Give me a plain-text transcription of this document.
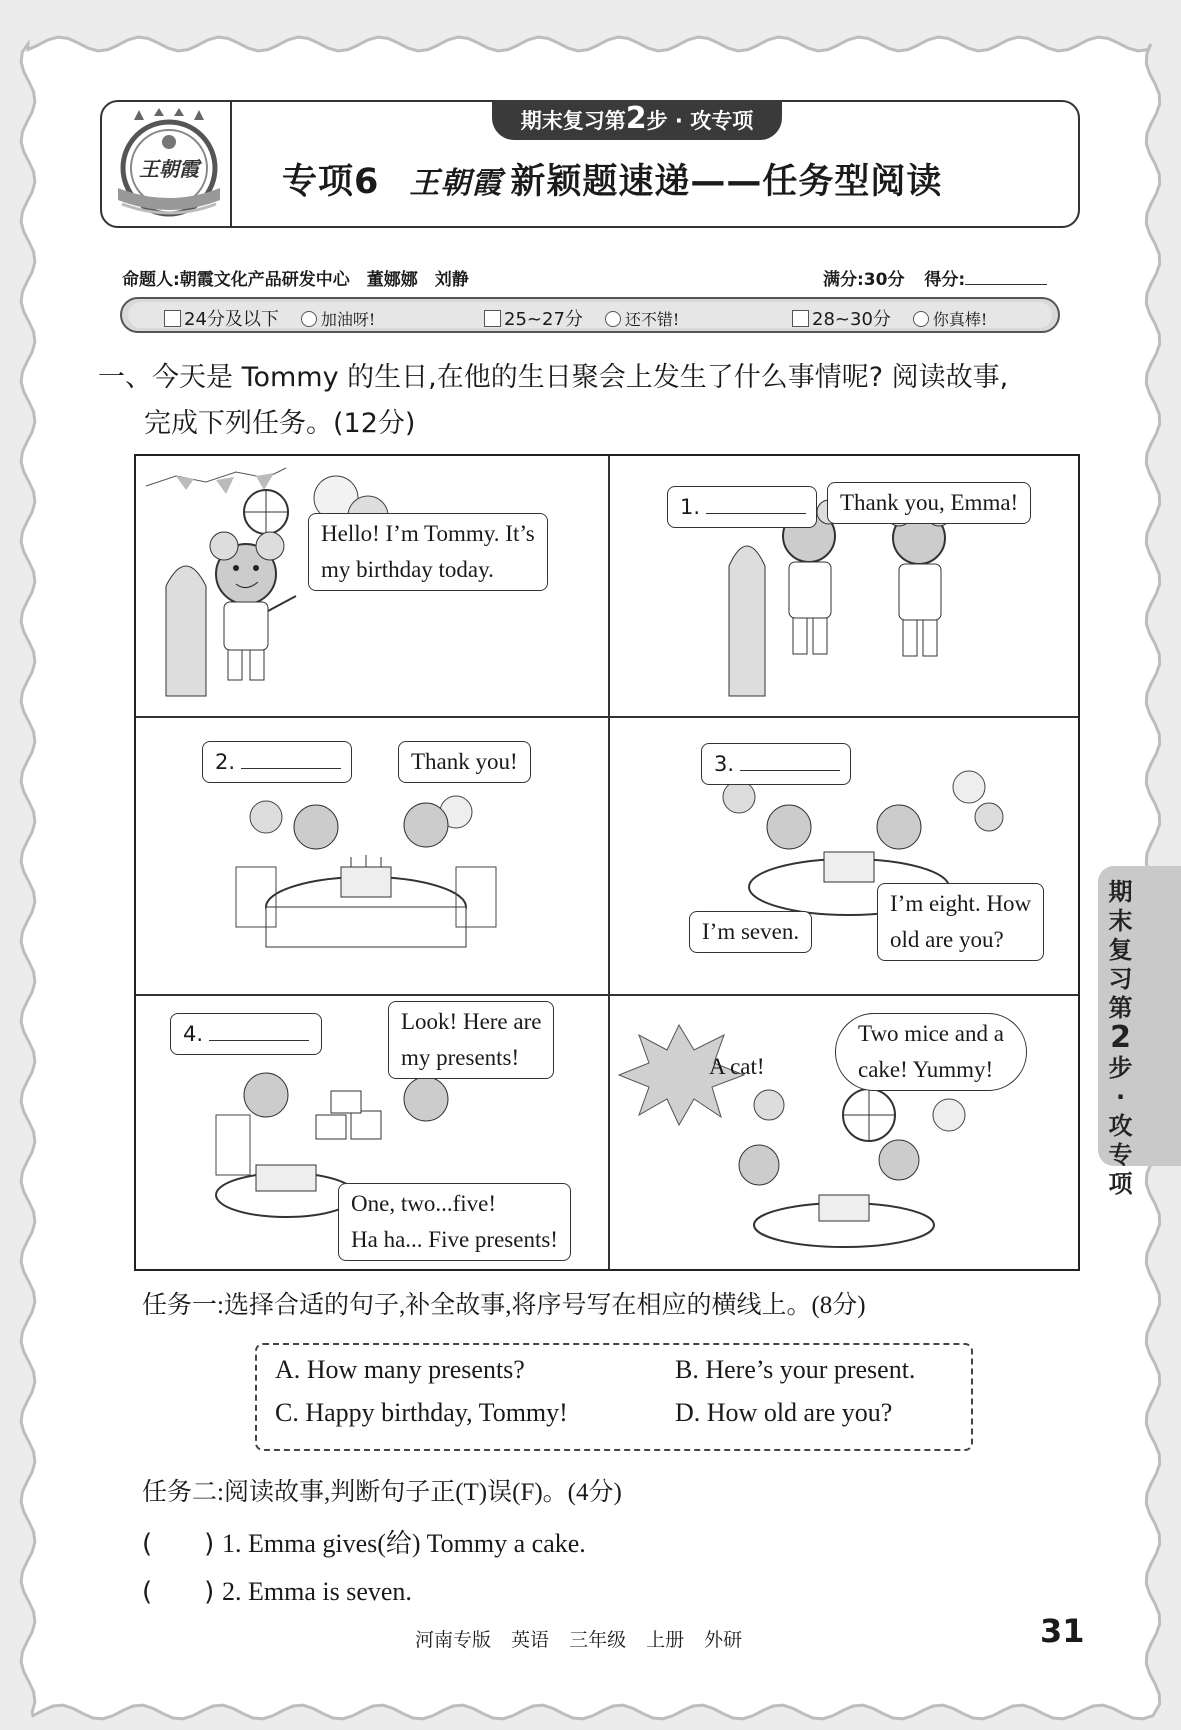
王朝霞
期末复习第2步 · 攻专项
专项6 王朝霞 新颖题速递——任务型阅读
命题人:朝霞文化产品研发中心　董娜娜　刘静	满分:30分 得分:
24分及以下	加油呀!	25~27分	还不错!	28~30分	你真棒!
一、今天是 Tommy 的生日,在他的生日聚会上发生了什么事情呢? 阅读故事,
完成下列任务。(12分)
Hello! I’m Tommy. It’s
my birthday today.
1.	Thank you, Emma!
2.	Thank you!	3.
I’m seven.
I’m eight. How
old are you?
4.	Look! Here are
my presents!
One, two...five!
Ha ha... Five presents!
A cat!
Two mice and a
cake! Yummy!
任务一:选择合适的句子,补全故事,将序号写在相应的横线上。(8分)
A. How many presents?	B. Here’s your present.
C. Happy birthday, Tommy!	D. How old are you?
任务二:阅读故事,判断句子正(T)误(F)。(4分)
(　　) 1. Emma gives(给) Tommy a cake.
(　　) 2. Emma is seven.
河南专版 英语 三年级 上册 外研	31
期
末
复
习
第
2
步
·
攻
专
项
